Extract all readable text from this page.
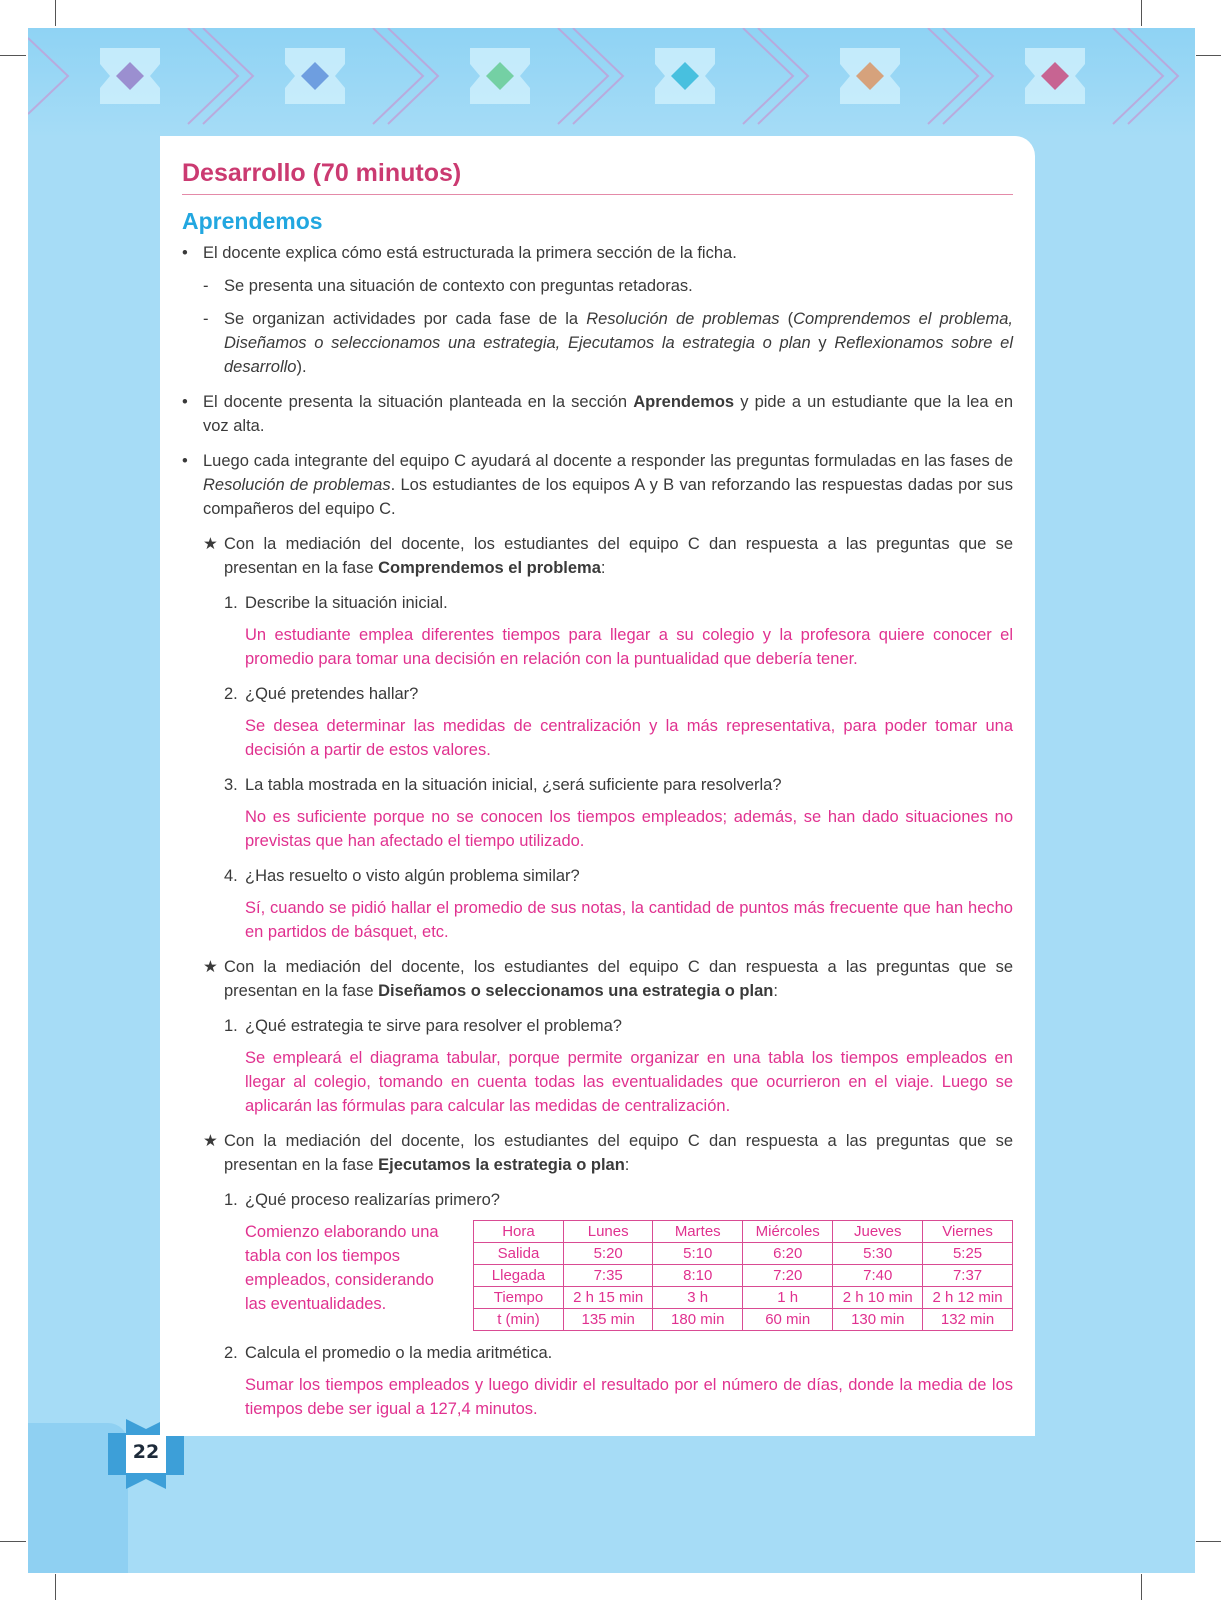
22
Desarrollo (70 minutos)
Aprendemos
• El docente explica cómo está estructurada la primera sección de la ficha.

- Se presenta una situación de contexto con preguntas retadoras.

- Se organizan actividades por cada fase de la Resolución de problemas (Comprendemos el problema, Diseñamos o seleccionamos una estrategia, Ejecutamos la estrategia o plan y Reflexionamos sobre el desarrollo).

• El docente presenta la situación planteada en la sección Aprendemos y pide a un estudiante que la lea en voz alta.

• Luego cada integrante del equipo C ayudará al docente a responder las preguntas formuladas en las fases de Resolución de problemas. Los estudiantes de los equipos A y B van reforzando las respuestas dadas por sus compañeros del equipo C.

★ Con la mediación del docente, los estudiantes del equipo C dan respuesta a las preguntas que se presentan en la fase Comprendemos el problema:

1. Describe la situación inicial.

Un estudiante emplea diferentes tiempos para llegar a su colegio y la profesora quiere conocer el promedio para tomar una decisión en relación con la puntualidad que debería tener.

2. ¿Qué pretendes hallar?

Se desea determinar las medidas de centralización y la más representativa, para poder tomar una decisión a partir de estos valores.

3. La tabla mostrada en la situación inicial, ¿será suficiente para resolverla?

No es suficiente porque no se conocen los tiempos empleados; además, se han dado situaciones no previstas que han afectado el tiempo utilizado.

4. ¿Has resuelto o visto algún problema similar?

Sí, cuando se pidió hallar el promedio de sus notas, la cantidad de puntos más frecuente que han hecho en partidos de básquet, etc.

★ Con la mediación del docente, los estudiantes del equipo C dan respuesta a las preguntas que se presentan en la fase Diseñamos o seleccionamos una estrategia o plan:

1. ¿Qué estrategia te sirve para resolver el problema?

Se empleará el diagrama tabular, porque permite organizar en una tabla los tiempos empleados en llegar al colegio, tomando en cuenta todas las eventualidades que ocurrieron en el viaje. Luego se aplicarán las fórmulas para calcular las medidas de centralización.

★ Con la mediación del docente, los estudiantes del equipo C dan respuesta a las preguntas que se presentan en la fase Ejecutamos la estrategia o plan:

1. ¿Qué proceso realizarías primero?

Comienzo elaborando una tabla con los tiempos empleados, considerando las eventualidades.

Hora	Lunes	Martes	Miércoles	Jueves	Viernes
Salida	5:20	5:10	6:20	5:30	5:25
Llegada	7:35	8:10	7:20	7:40	7:37
Tiempo	2 h 15 min	3 h	1 h	2 h 10 min	2 h 12 min
t (min)	135 min	180 min	60 min	130 min	132 min
2. Calcula el promedio o la media aritmética.

Sumar los tiempos empleados y luego dividir el resultado por el número de días, donde la media de los tiempos debe ser igual a 127,4 minutos.
